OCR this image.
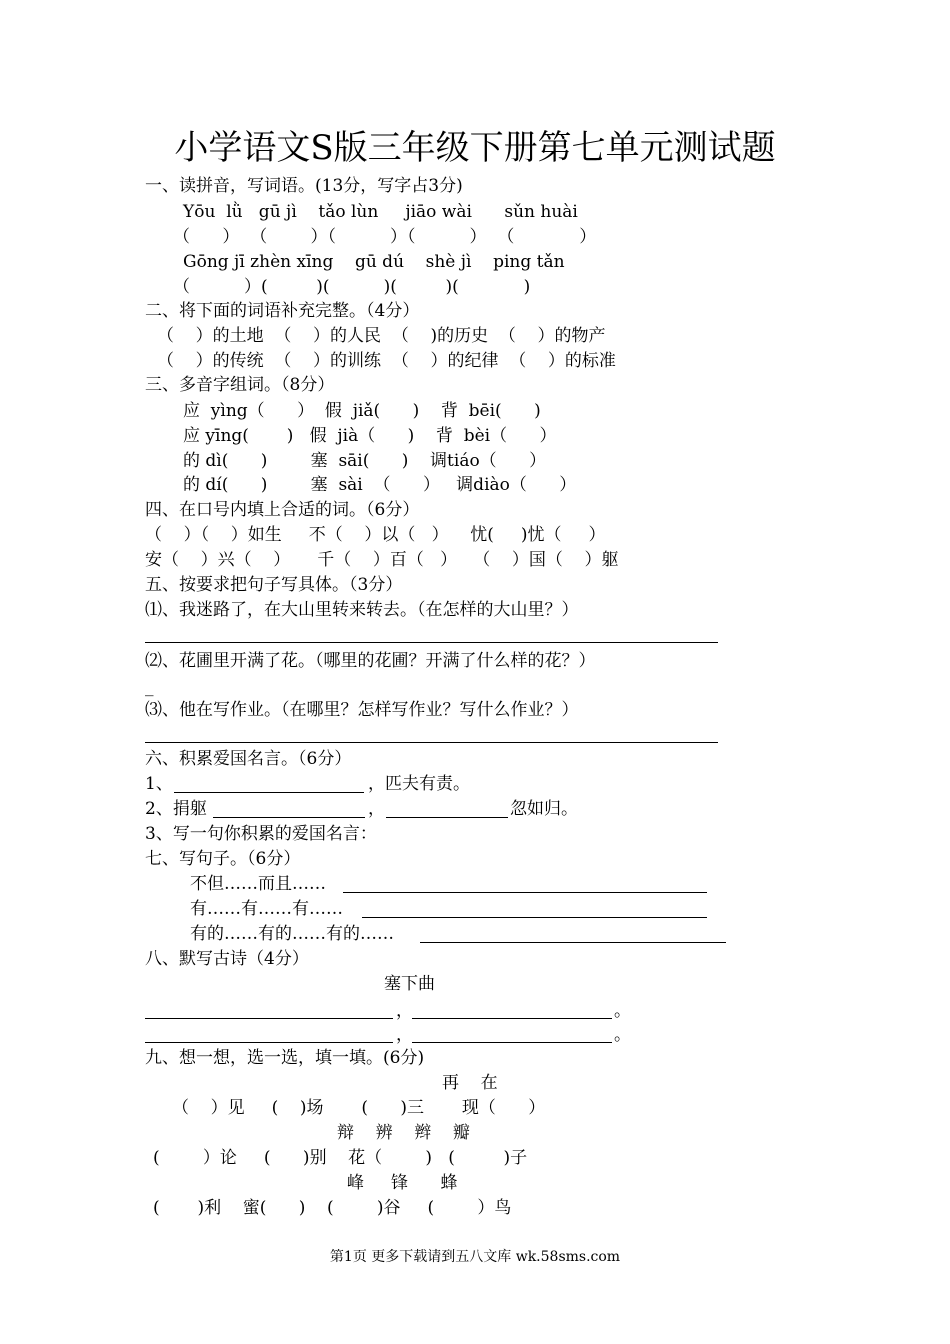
小学语文S版三年级下册第七单元测试题
一、读拼音，写词语。(13分，写字占3分)
Yōu  lǜ   gū jì    tǎo lùn     jiāo wài      sǔn huài
（      ）  （        ）（          ）（          ）  （            ）
Gōng jī zhèn xīng    gū dú    shè jì    ping tǎn
（          ）(         )(          )(         )(            )
二、将下面的词语补充完整。（4分）
（    ）的土地  （    ）的人民  （    )的历史  （    ）的物产
（    ）的传统  （    ）的训练  （    ）的纪律  （    ）的标准
三、多音字组词。（8分）
应  yìng（      ）  假  jiǎ(      )    背  bēi(      )
应 yīng(       )   假  jià（      )    背  bèi（      ）
的 dì(      )        塞  sāi(      )    调tiáo（      ）
的 dí(      )        塞  sài  （      ）   调diào（      ）
四、在口号内填上合适的词。（6分）
（    ）（    ）如生     不（    ）以（   ）    忧(     )忧（     ）
安（    ）兴（    ）     千（    ）百（   ）   （    ）国（    ）躯
五、按要求把句子写具体。（3分）
⑴、我迷路了，在大山里转来转去。（在怎样的大山里？）
⑵、花圃里开满了花。（哪里的花圃？开满了什么样的花？）
_
⑶、他在写作业。（在哪里？怎样写作业？写什么作业？）
六、积累爱国名言。（6分）
1、	，匹夫有责。
2、捐躯	，	忽如归。
3、写一句你积累的爱国名言：
七、写句子。（6分）
不但……而且……
有……有……有……
有的……有的……有的……
八、默写古诗（4分）
塞下曲
，	。
，	。
九、想一想，选一选，填一填。(6分)
再    在
（    ）见     (    )场       (      )三       现（      ）
辩    辨    辫    瓣
(        ）论     (      )别    花（        )   (         )子
峰     锋      蜂
(       )利    蜜(      )    (        )谷     (        ）鸟
第1页 更多下载请到五八文库 wk.58sms.com
